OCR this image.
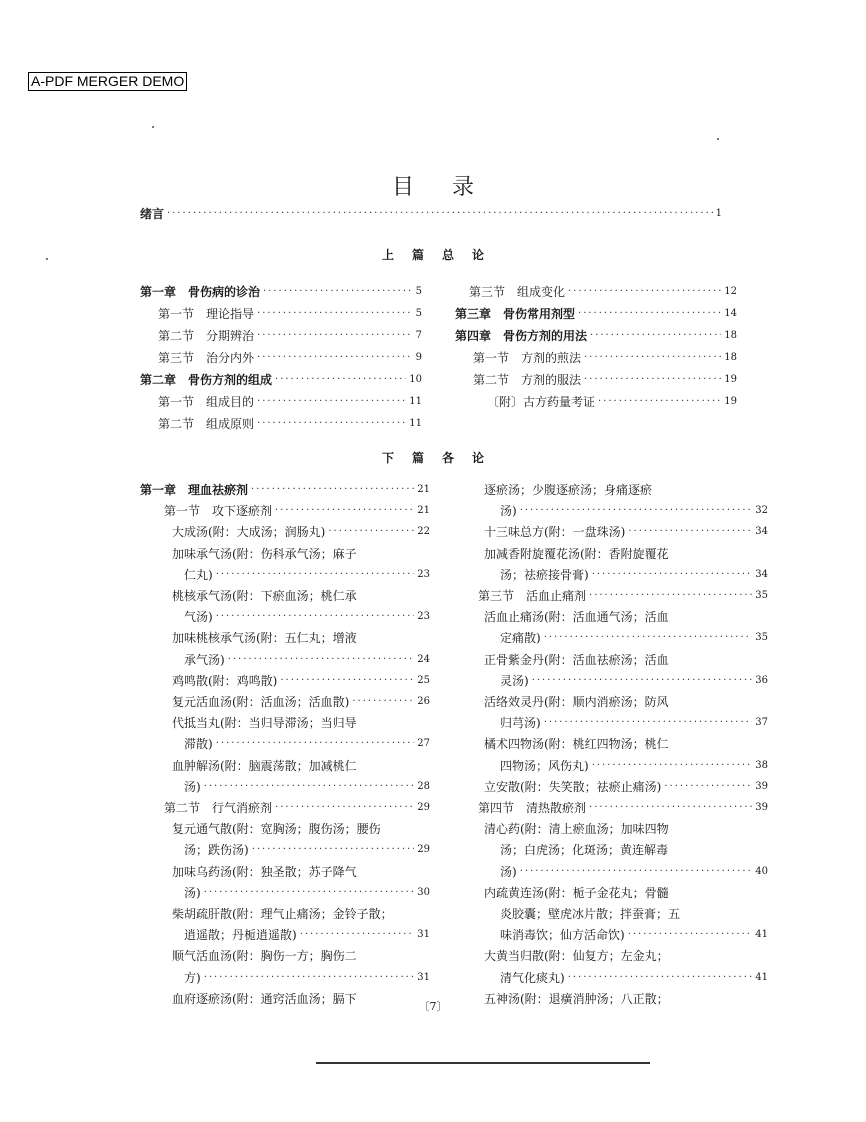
A-PDF MERGER DEMO
目录
绪言 ·····	1
上篇总论
第一章　骨伤病的诊治 ·····	5
第一节　理论指导 ·····	5
第二节　分期辨治 ·····	7
第三节　治分内外 ·····	9
第二章　骨伤方剂的组成 ·····	10
第一节　组成目的 ·····	11
第二节　组成原则 ·····	11
第三节　组成变化 ·····	12
第三章　骨伤常用剂型 ·····	14
第四章　骨伤方剂的用法 ·····	18
第一节　方剂的煎法 ·····	18
第二节　方剂的服法 ·····	19
〔附〕古方药量考证 ·····	19
下篇各论
第一章　理血祛瘀剂 ·····	21
第一节　攻下逐瘀剂 ·····	21
大成汤(附：大成汤；润肠丸) ·····	22
加味承气汤(附：伤科承气汤；麻子
仁丸) ·····	23
桃核承气汤(附：下瘀血汤；桃仁承
气汤) ·····	23
加味桃核承气汤(附：五仁丸；增液
承气汤) ·····	24
鸡鸣散(附：鸡鸣散) ·····	25
复元活血汤(附：活血汤；活血散) ·····	26
代抵当丸(附：当归导滞汤；当归导
滞散) ·····	27
血肿解汤(附：脑震荡散；加减桃仁
汤) ·····	28
第二节　行气消瘀剂 ·····	29
复元通气散(附：宽胸汤；腹伤汤；腰伤
汤；跌伤汤) ·····	29
加味乌药汤(附：独圣散；苏子降气
汤) ·····	30
柴胡疏肝散(附：理气止痛汤；金铃子散；
逍遥散；丹栀逍遥散) ·····	31
顺气活血汤(附：胸伤一方；胸伤二
方) ·····	31
血府逐瘀汤(附：通窍活血汤；膈下
逐瘀汤；少腹逐瘀汤；身痛逐瘀
汤) ·····	32
十三味总方(附：一盘珠汤) ·····	34
加减香附旋覆花汤(附：香附旋覆花
汤；祛瘀接骨膏) ·····	34
第三节　活血止痛剂 ·····	35
活血止痛汤(附：活血通气汤；活血
定痛散) ·····	35
正骨紫金丹(附：活血祛瘀汤；活血
灵汤) ·····	36
活络效灵丹(附：顺内消瘀汤；防风
归芎汤) ·····	37
橘术四物汤(附：桃红四物汤；桃仁
四物汤；风伤丸) ·····	38
立安散(附：失笑散；祛瘀止痛汤) ·····	39
第四节　清热散瘀剂 ·····	39
清心药(附：清上瘀血汤；加味四物
汤；白虎汤；化斑汤；黄连解毒
汤) ·····	40
内疏黄连汤(附：栀子金花丸；骨髓
炎胶囊；壁虎冰片散；拌蚕膏；五
味消毒饮；仙方活命饮) ·····	41
大黄当归散(附：仙复方；左金丸；
清气化痰丸) ·····	41
五神汤(附：退癀消肿汤；八正散；
〔7〕
